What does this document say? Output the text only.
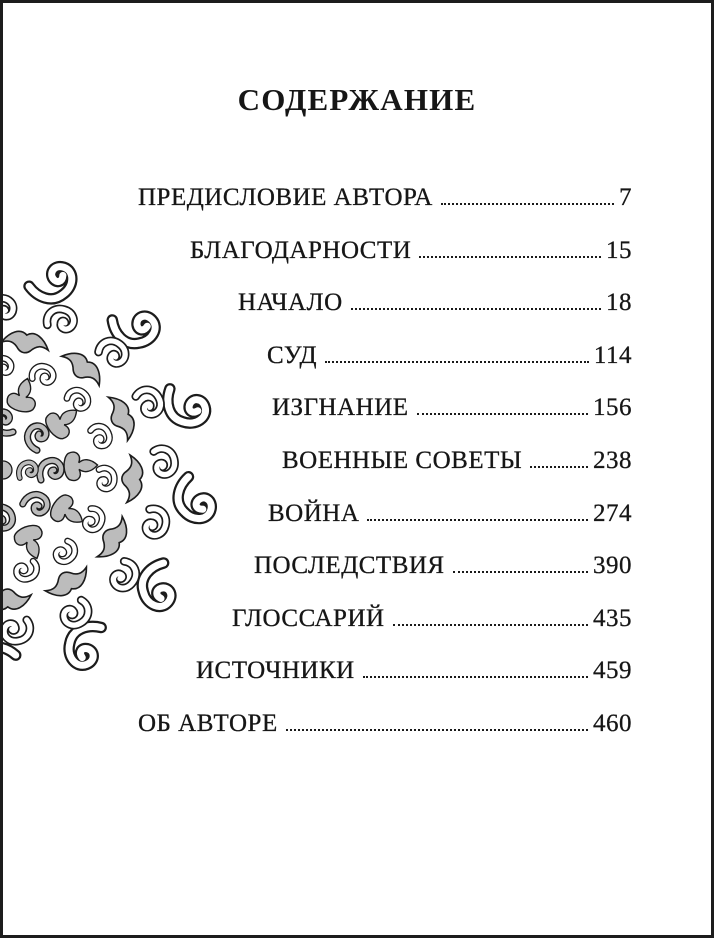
СОДЕРЖАНИЕ
ПРЕДИСЛОВИЕ АВТОРА	7
БЛАГОДАРНОСТИ	15
НАЧАЛО	18
СУД	114
ИЗГНАНИЕ	156
ВОЕННЫЕ СОВЕТЫ	238
ВОЙНА	274
ПОСЛЕДСТВИЯ	390
ГЛОССАРИЙ	435
ИСТОЧНИКИ	459
ОБ АВТОРЕ	460
